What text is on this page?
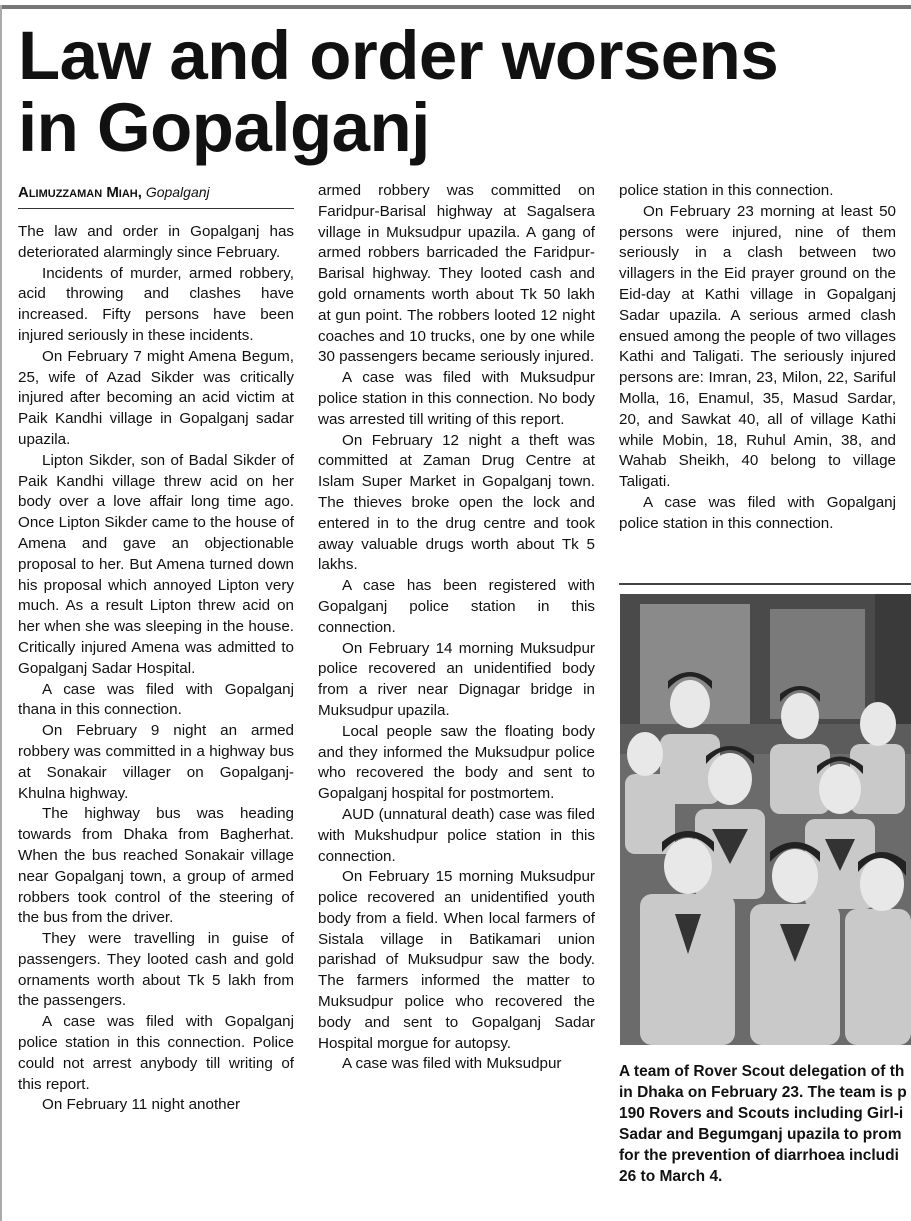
Law and order worsens
in Gopalganj
Alimuzzaman Miah, Gopalganj

The law and order in Gopalganj has deteriorated alarmingly since February.

Incidents of murder, armed robbery, acid throwing and clashes have increased. Fifty persons have been injured seriously in these incidents.

On February 7 might Amena Begum, 25, wife of Azad Sikder was critically injured after becoming an acid victim at Paik Kandhi village in Gopalganj sadar upazila.

Lipton Sikder, son of Badal Sikder of Paik Kandhi village threw acid on her body over a love affair long time ago. Once Lipton Sikder came to the house of Amena and gave an objectionable proposal to her. But Amena turned down his proposal which annoyed Lipton very much. As a result Lipton threw acid on her when she was sleeping in the house. Critically injured Amena was admitted to Gopalganj Sadar Hospital.

A case was filed with Gopalganj thana in this connection.

On February 9 night an armed robbery was committed in a highway bus at Sonakair villager on Gopalganj-Khulna highway.

The highway bus was heading towards from Dhaka from Bagherhat. When the bus reached Sonakair village near Gopalganj town, a group of armed robbers took control of the steering of the bus from the driver.

They were travelling in guise of passengers. They looted cash and gold ornaments worth about Tk 5 lakh from the passengers.

A case was filed with Gopalganj police station in this connection. Police could not arrest anybody till writing of this report.

On February 11 night another

armed robbery was committed on Faridpur-Barisal highway at Sagalsera village in Muksudpur upazila. A gang of armed robbers barricaded the Faridpur-Barisal highway. They looted cash and gold ornaments worth about Tk 50 lakh at gun point. The robbers looted 12 night coaches and 10 trucks, one by one while 30 passengers became seriously injured.

A case was filed with Muksudpur police station in this connection. No body was arrested till writing of this report.

On February 12 night a theft was committed at Zaman Drug Centre at Islam Super Market in Gopalganj town. The thieves broke open the lock and entered in to the drug centre and took away valuable drugs worth about Tk 5 lakhs.

A case has been registered with Gopalganj police station in this connection.

On February 14 morning Muksudpur police recovered an unidentified body from a river near Dignagar bridge in Muksudpur upazila.

Local people saw the floating body and they informed the Muksudpur police who recovered the body and sent to Gopalganj hospital for postmortem.

AUD (unnatural death) case was filed with Mukshudpur police station in this connection.

On February 15 morning Muksudpur police recovered an unidentified youth body from a field. When local farmers of Sistala village in Batikamari union parishad of Muksudpur saw the body. The farmers informed the matter to Muksudpur police who recovered the body and sent to Gopalganj Sadar Hospital morgue for autopsy.

A case was filed with Muksudpur

police station in this connection.

On February 23 morning at least 50 persons were injured, nine of them seriously in a clash between two villagers in the Eid prayer ground on the Eid-day at Kathi village in Gopalganj Sadar upazila. A serious armed clash ensued among the people of two villages Kathi and Taligati. The seriously injured persons are: Imran, 23, Milon, 22, Sariful Molla, 16, Enamul, 35, Masud Sardar, 20, and Sawkat 40, all of village Kathi while Mobin, 18, Ruhul Amin, 38, and Wahab Sheikh, 40 belong to village Taligati.

A case was filed with Gopalganj police station in this connection.

A team of Rover Scout delegation of th
in Dhaka on February 23. The team is p
190 Rovers and Scouts including Girl-i
Sadar and Begumganj upazila to prom
for the prevention of diarrhoea includi
26 to March 4.
